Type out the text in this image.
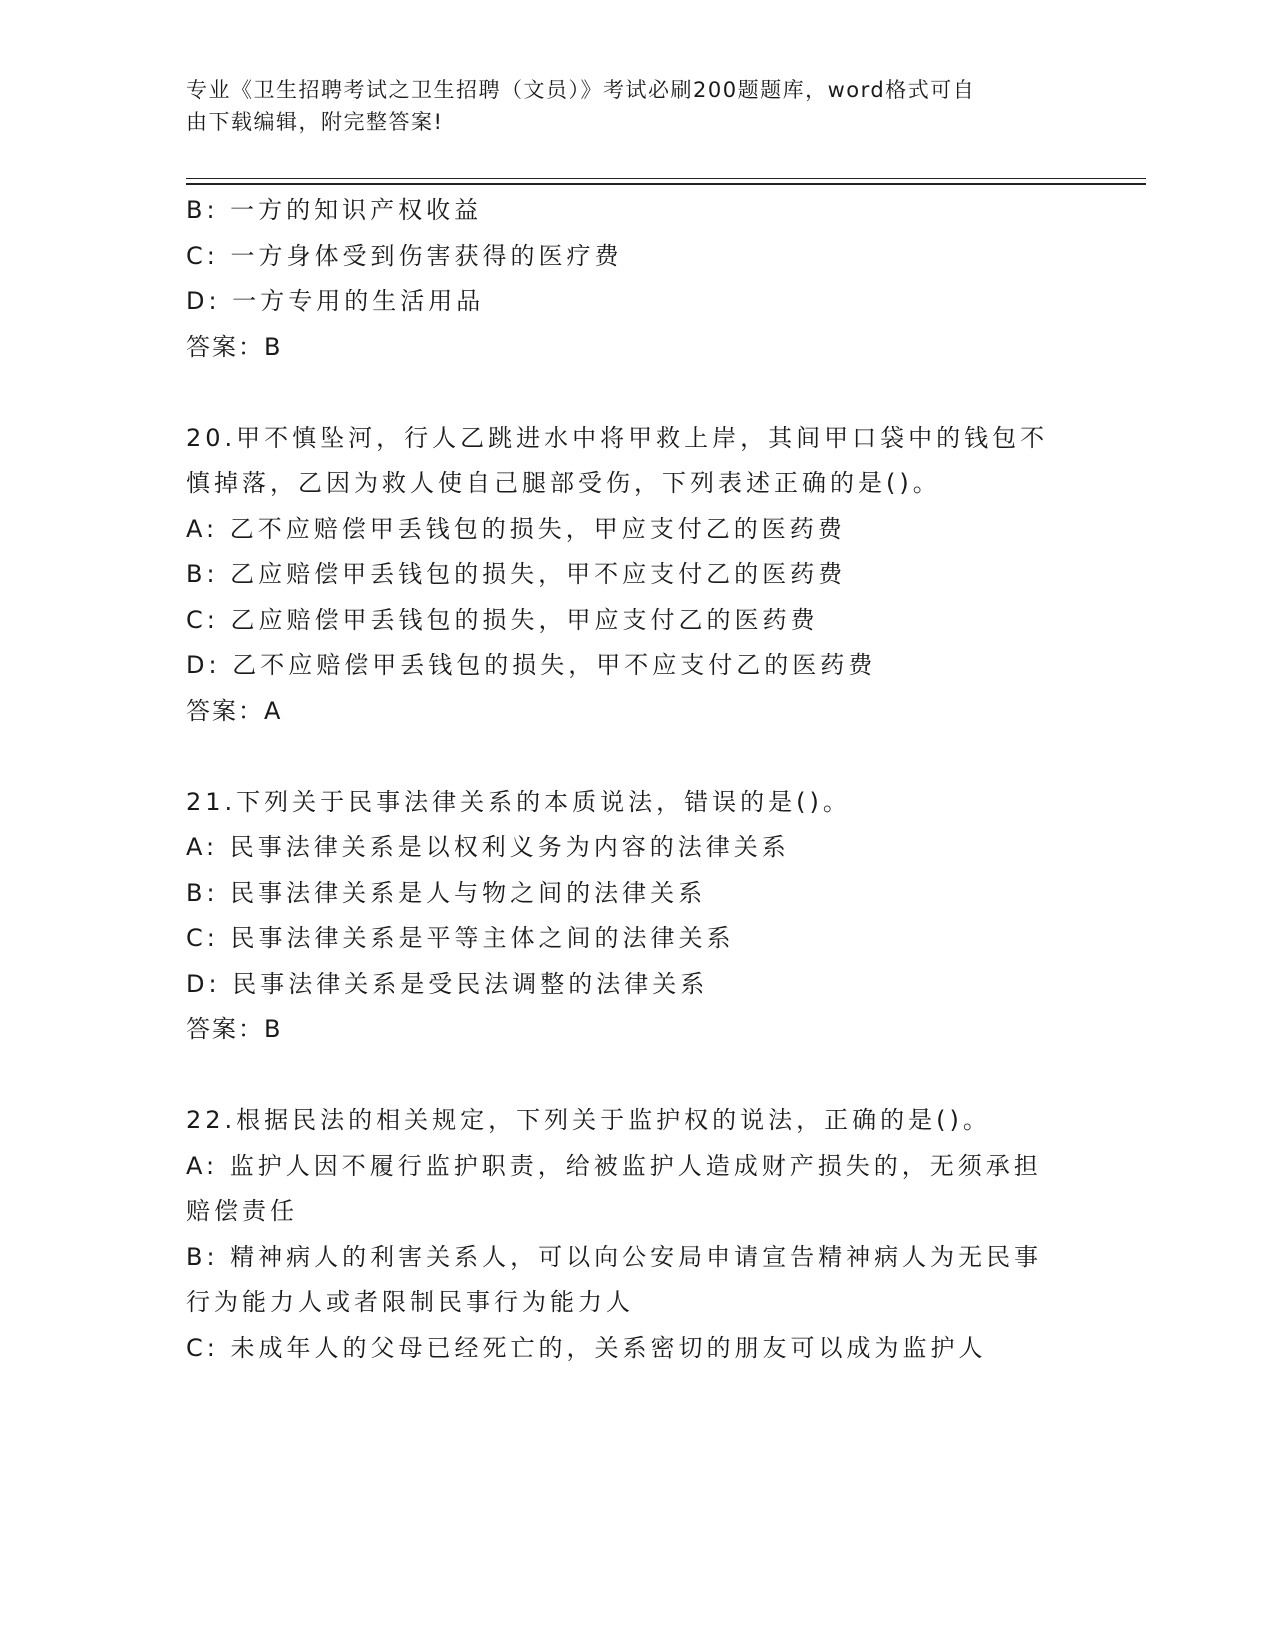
专业《卫生招聘考试之卫生招聘（文员）》考试必刷200题题库，word格式可自
由下载编辑，附完整答案!
B: 一方的知识产权收益
C: 一方身体受到伤害获得的医疗费
D: 一方专用的生活用品
答案：B
20.甲不慎坠河，行人乙跳进水中将甲救上岸，其间甲口袋中的钱包不
慎掉落，乙因为救人使自己腿部受伤，下列表述正确的是()。
A: 乙不应赔偿甲丢钱包的损失，甲应支付乙的医药费
B: 乙应赔偿甲丢钱包的损失，甲不应支付乙的医药费
C: 乙应赔偿甲丢钱包的损失，甲应支付乙的医药费
D: 乙不应赔偿甲丢钱包的损失，甲不应支付乙的医药费
答案：A
21.下列关于民事法律关系的本质说法，错误的是()。
A: 民事法律关系是以权利义务为内容的法律关系
B: 民事法律关系是人与物之间的法律关系
C: 民事法律关系是平等主体之间的法律关系
D: 民事法律关系是受民法调整的法律关系
答案：B
22.根据民法的相关规定，下列关于监护权的说法，正确的是()。
A: 监护人因不履行监护职责，给被监护人造成财产损失的，无须承担
赔偿责任
B: 精神病人的利害关系人，可以向公安局申请宣告精神病人为无民事
行为能力人或者限制民事行为能力人
C: 未成年人的父母已经死亡的，关系密切的朋友可以成为监护人
